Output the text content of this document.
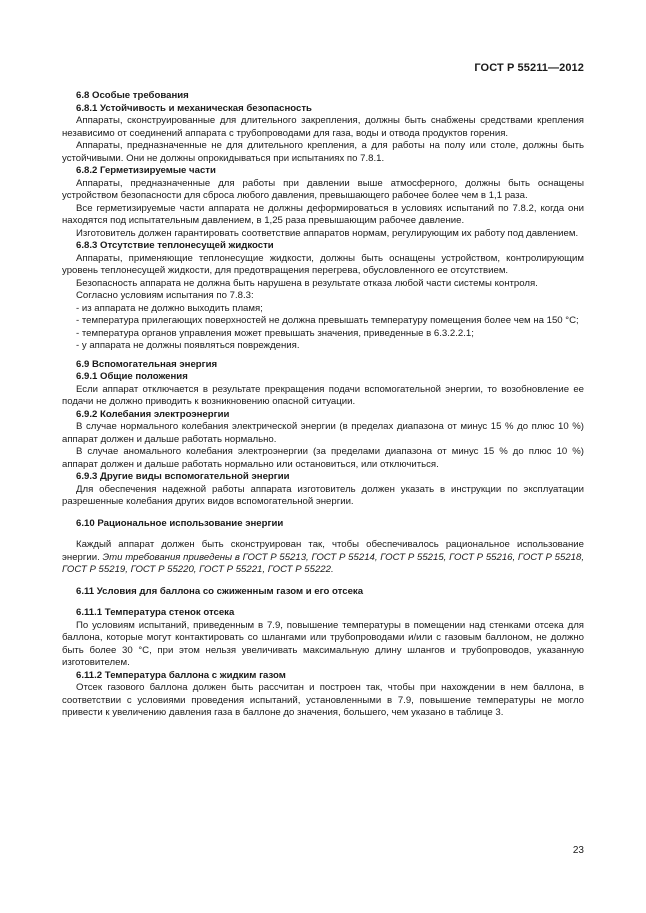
ГОСТ Р 55211—2012

6.8 Особые требования

6.8.1 Устойчивость и механическая безопасность

Аппараты, сконструированные для длительного закрепления, должны быть снабжены средствами крепления независимо от соединений аппарата с трубопроводами для газа, воды и отвода продуктов горения.

Аппараты, предназначенные не для длительного крепления, а для работы на полу или столе, должны быть устойчивыми. Они не должны опрокидываться при испытаниях по 7.8.1.

6.8.2 Герметизируемые части

Аппараты, предназначенные для работы при давлении выше атмосферного, должны быть оснащены устройством безопасности для сброса любого давления, превышающего рабочее более чем в 1,1 раза.

Все герметизируемые части аппарата не должны деформироваться в условиях испытаний по 7.8.2, когда они находятся под испытательным давлением, в 1,25 раза превышающим рабочее давление.

Изготовитель должен гарантировать соответствие аппаратов нормам, регулирующим их работу под давлением.

6.8.3 Отсутствие теплонесущей жидкости

Аппараты, применяющие теплонесущие жидкости, должны быть оснащены устройством, контролирующим уровень теплонесущей жидкости, для предотвращения перегрева, обусловленного ее отсутствием.

Безопасность аппарата не должна быть нарушена в результате отказа любой части системы контроля.

Согласно условиям испытания по 7.8.3:

- из аппарата не должно выходить пламя;

- температура прилегающих поверхностей не должна превышать температуру помещения более чем на 150 °С;

- температура органов управления может превышать значения, приведенные в 6.3.2.2.1;

- у аппарата не должны появляться повреждения.

6.9 Вспомогательная энергия

6.9.1 Общие положения

Если аппарат отключается в результате прекращения подачи вспомогательной энергии, то возобновление ее подачи не должно приводить к возникновению опасной ситуации.

6.9.2 Колебания электроэнергии

В случае нормального колебания электрической энергии (в пределах диапазона от минус 15 % до плюс 10 %) аппарат должен и дальше работать нормально.

В случае аномального колебания электроэнергии (за пределами диапазона от минус 15 % до плюс 10 %) аппарат должен и дальше работать нормально или остановиться, или отключиться.

6.9.3 Другие виды вспомогательной энергии

Для обеспечения надежной работы аппарата изготовитель должен указать в инструкции по эксплуатации разрешенные колебания других видов вспомогательной энергии.

6.10 Рациональное использование энергии

Каждый аппарат должен быть сконструирован так, чтобы обеспечивалось рациональное использование энергии. Эти требования приведены в ГОСТ Р 55213, ГОСТ Р 55214, ГОСТ Р 55215, ГОСТ Р 55216, ГОСТ Р 55218, ГОСТ Р 55219, ГОСТ Р 55220, ГОСТ Р 55221, ГОСТ Р 55222.

6.11 Условия для баллона со сжиженным газом и его отсека

6.11.1 Температура стенок отсека

По условиям испытаний, приведенным в 7.9, повышение температуры в помещении над стенками отсека для баллона, которые могут контактировать со шлангами или трубопроводами и/или с газовым баллоном, не должно быть более 30 °С, при этом нельзя увеличивать максимальную длину шлангов и трубопроводов, указанную изготовителем.

6.11.2 Температура баллона с жидким газом

Отсек газового баллона должен быть рассчитан и построен так, чтобы при нахождении в нем баллона, в соответствии с условиями проведения испытаний, установленными в 7.9, повышение температуры не могло привести к увеличению давления газа в баллоне до значения, большего, чем указано в таблице 3.

23
